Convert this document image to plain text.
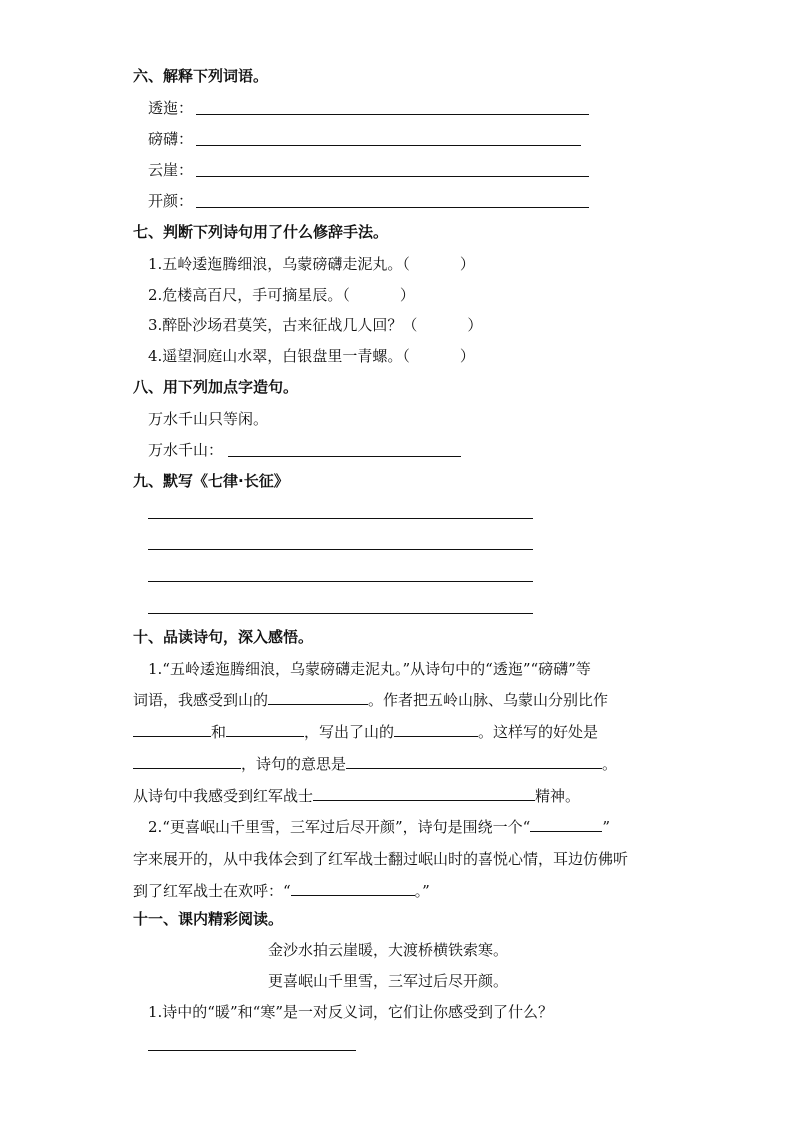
六、解释下列词语。
透迤：
磅礴：
云崖：
开颜：
七、判断下列诗句用了什么修辞手法。
1.五岭逶迤腾细浪，乌蒙磅礴走泥丸。（	）
2.危楼高百尺，手可摘星辰。（	）
3.醉卧沙场君莫笑，古来征战几人回？（	）
4.遥望洞庭山水翠，白银盘里一青螺。（	）
八、用下列加点字造句。
万水千山只等闲。
万水千山：
九、默写《七律·长征》
十、品读诗句，深入感悟。
1.“五岭逶迤腾细浪，乌蒙磅礴走泥丸。”从诗句中的“透迤”“磅礴”等
词语，我感受到山的	。作者把五岭山脉、乌蒙山分别比作
和	，写出了山的	。这样写的好处是
，诗句的意思是	。
从诗句中我感受到红军战士	精神。
2.“更喜岷山千里雪，三军过后尽开颜”，诗句是围绕一个“	”
字来展开的，从中我体会到了红军战士翻过岷山时的喜悦心情，耳边仿佛听
到了红军战士在欢呼：“	。”
十一、课内精彩阅读。
金沙水拍云崖暖，大渡桥横铁索寒。
更喜岷山千里雪，三军过后尽开颜。
1.诗中的“暖”和“寒”是一对反义词，它们让你感受到了什么？
